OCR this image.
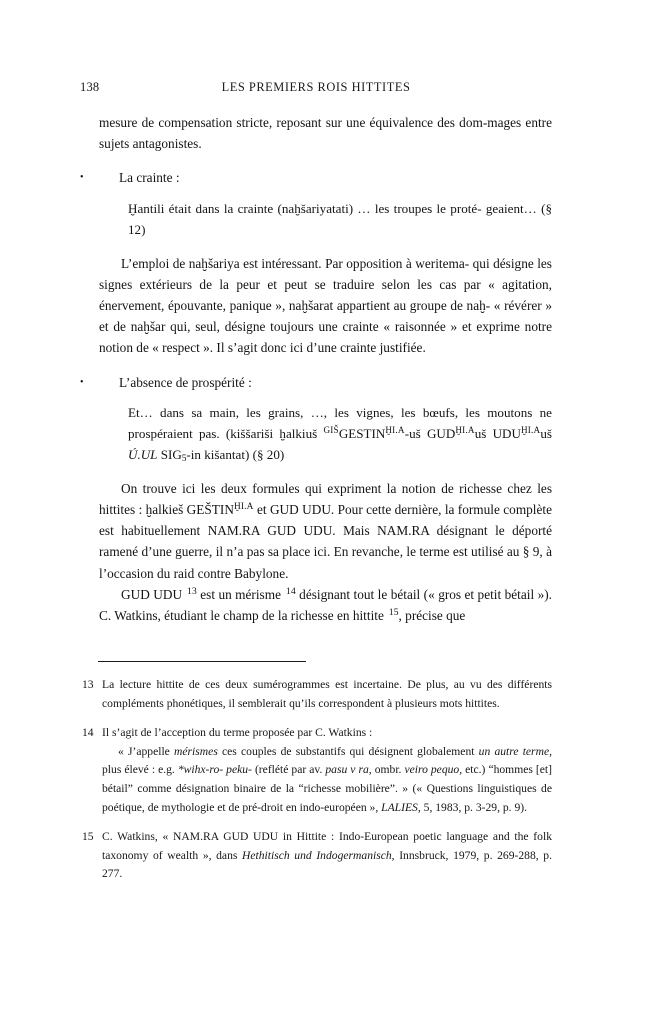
138	LES PREMIERS ROIS HITTITES

mesure de compensation stricte, reposant sur une équivalence des dom-mages entre sujets antagonistes.

•	La crainte :
Ḫantili était dans la crainte (naḫšariyatati) … les troupes le proté- geaient… (§ 12)

L’emploi de naḫšariya est intéressant. Par opposition à weritema- qui désigne les signes extérieurs de la peur et peut se traduire selon les cas par « agitation, énervement, épouvante, panique », naḫšarat appartient au groupe de naḫ- « révérer » et de naḫšar qui, seul, désigne toujours une crainte « raisonnée » et exprime notre notion de « respect ». Il s’agit donc ici d’une crainte justifiée.

•	L’absence de prospérité :
Et… dans sa main, les grains, …, les vignes, les bœufs, les moutons ne prospéraient pas. (kiššariši ḫalkiuš $^{GIŠ}GESTIN^{ḪI.A}-uš$ $GUD^{ḪI.A}uš$ $UDU^{ḪI.A}uš$ Ú.UL $SIG_5-in$ kišantat) (§ 20)

On trouve ici les deux formules qui expriment la notion de richesse chez les hittites : ḫalkieš $GEŠTIN^{ḪI.A}$ et GUD UDU. Pour cette dernière, la formule complète est habituellement NAM.RA GUD UDU. Mais NAM.RA désignant le déporté ramené d’une guerre, il n’a pas sa place ici. En revanche, le terme est utilisé au § 9, à l’occasion du raid contre Babylone.

GUD UDU $^{13}$ est un mérisme $^{14}$ désignant tout le bétail (« gros et petit bétail »). C. Watkins, étudiant le champ de la richesse en hittite $^{15}$, précise que

13 La lecture hittite de ces deux sumérogrammes est incertaine. De plus, au vu des différents compléments phonétiques, il semblerait qu’ils correspondent à plusieurs mots hittites.
14 Il s’agit de l’acception du terme proposée par C. Watkins :
« J’appelle mérismes ces couples de substantifs qui désignent globalement un autre terme, plus élevé : e.g. *wihx-ro- peku- (reflété par av. pasu v ra, ombr. veiro pequo, etc.) “hommes [et] bétail” comme désignation binaire de la “richesse mobilière”. » (« Questions linguistiques de poétique, de mythologie et de pré-droit en indo-européen », LALIES, 5, 1983, p. 3-29, p. 9).
15 C. Watkins, « NAM.RA GUD UDU in Hittite : Indo-European poetic language and the folk taxonomy of wealth », dans Hethitisch und Indogermanisch, Innsbruck, 1979, p. 269-288, p. 277.
